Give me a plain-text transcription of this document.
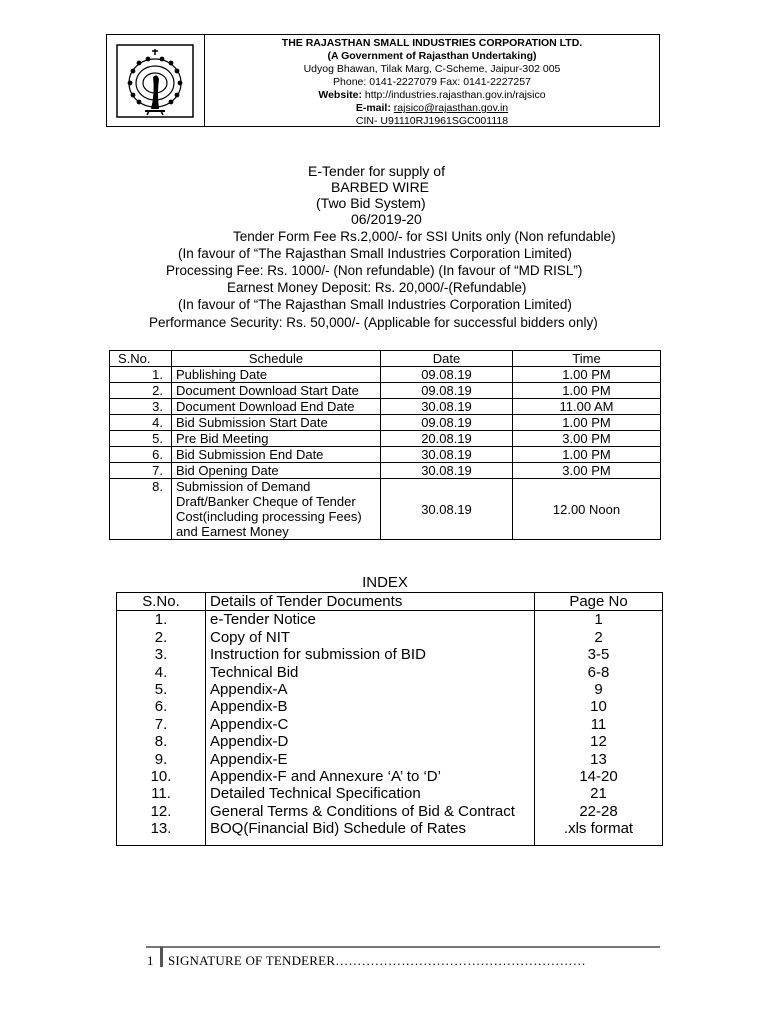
THE RAJASTHAN SMALL INDUSTRIES CORPORATION LTD.
(A Government of Rajasthan Undertaking)
Udyog Bhawan, Tilak Marg, C-Scheme, Jaipur-302 005
Phone: 0141-2227079 Fax: 0141-2227257
Website: http://industries.rajasthan.gov.in/rajsico
E-mail: rajsico@rajasthan.gov.in
CIN- U91110RJ1961SGC001118
E-Tender for supply of
BARBED WIRE
(Two Bid System)
06/2019-20
Tender Form Fee Rs.2,000/- for SSI Units only (Non refundable)
(In favour of “The Rajasthan Small Industries Corporation Limited)
Processing Fee: Rs. 1000/- (Non refundable) (In favour of “MD RISL”)
Earnest Money Deposit: Rs. 20,000/-(Refundable)
(In favour of “The Rajasthan Small Industries Corporation Limited)
Performance Security: Rs. 50,000/- (Applicable for successful bidders only)
S.No.	Schedule	Date	Time
1.	Publishing Date	09.08.19	1.00 PM
2.	Document Download Start Date	09.08.19	1.00 PM
3.	Document Download End Date	30.08.19	11.00 AM
4.	Bid Submission Start Date	09.08.19	1.00 PM
5.	Pre Bid Meeting	20.08.19	3.00 PM
6.	Bid Submission End Date	30.08.19	1.00 PM
7.	Bid Opening Date	30.08.19	3.00 PM
8.	Submission of Demand Draft/Banker Cheque of Tender Cost(including processing Fees) and Earnest Money	30.08.19	12.00 Noon
INDEX
S.No.	Details of Tender Documents	Page No
1.	e-Tender Notice	1
2.	Copy of NIT	2
3.	Instruction for submission of BID	3-5
4.	Technical Bid	6-8
5.	Appendix-A	9
6.	Appendix-B	10
7.	Appendix-C	11
8.	Appendix-D	12
9.	Appendix-E	13
10.	Appendix-F and Annexure ‘A’ to ‘D’	14-20
11.	Detailed Technical Specification	21
12.	General Terms & Conditions of Bid & Contract	22-28
13.	BOQ(Financial Bid) Schedule of Rates	.xls format
1 SIGNATURE OF TENDERER…………………………………………………
